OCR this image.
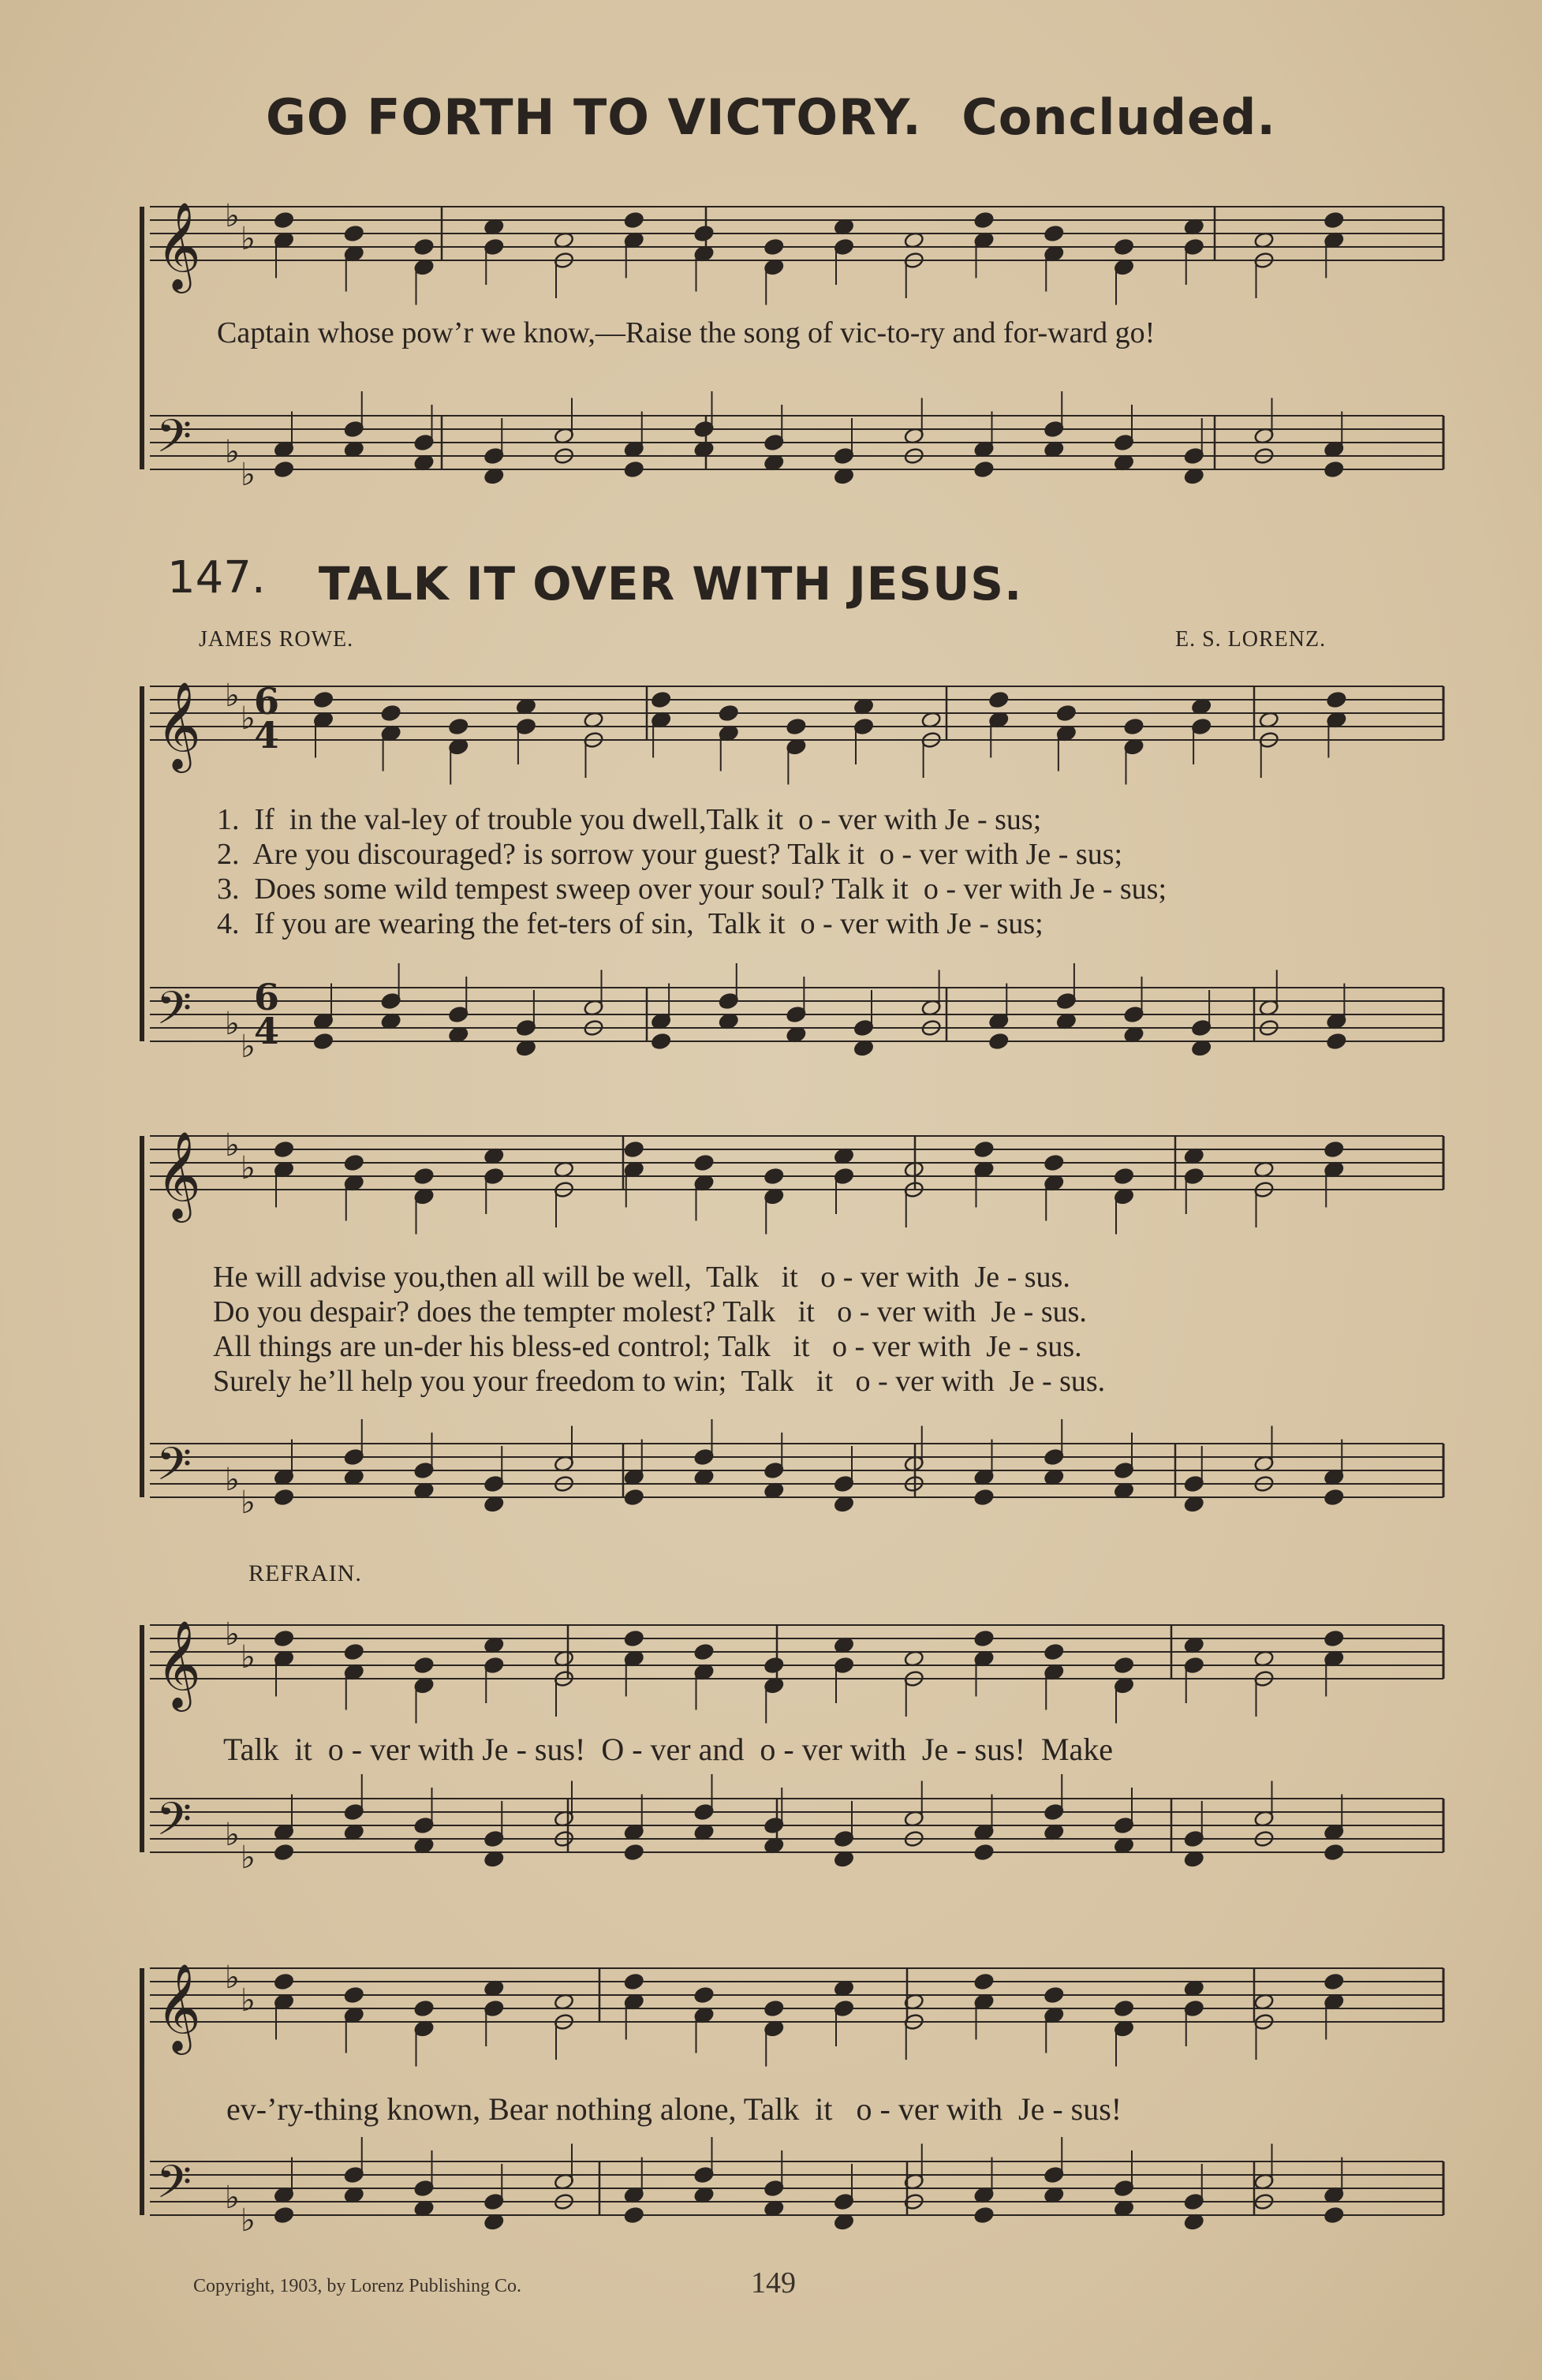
GO FORTH TO VICTORY. Concluded.
147.	TALK IT OVER WITH JESUS.
JAMES ROWE.	E. S. LORENZ.
𝄞 ♭
♭
𝄢 ♭
♭
𝄞 ♭
♭
𝄢 ♭
♭
𝄞 ♭
♭
𝄢 ♭
♭
𝄞 ♭
♭
𝄢 ♭
♭
𝄞 ♭
♭
𝄢 ♭
♭
6
4
6
4
Captain whose pow’r we know,—Raise the song of vic-to-ry and for-ward go!
1.  If  in the val-ley of trouble you dwell,Talk it  o - ver with Je - sus;
2.  Are you discouraged? is sorrow your guest? Talk it  o - ver with Je - sus;
3.  Does some wild tempest sweep over your soul? Talk it  o - ver with Je - sus;
4.  If you are wearing the fet-ters of sin,  Talk it  o - ver with Je - sus;
He will advise you,then all will be well,  Talk   it   o - ver with  Je - sus.
Do you despair? does the tempter molest? Talk   it   o - ver with  Je - sus.
All things are un-der his bless-ed control; Talk   it   o - ver with  Je - sus.
Surely he’ll help you your freedom to win;  Talk   it   o - ver with  Je - sus.
REFRAIN.
Talk  it  o - ver with Je - sus!  O - ver and  o - ver with  Je - sus!  Make
ev-’ry-thing known, Bear nothing alone, Talk  it   o - ver with  Je - sus!
Copyright, 1903, by Lorenz Publishing Co.	149
